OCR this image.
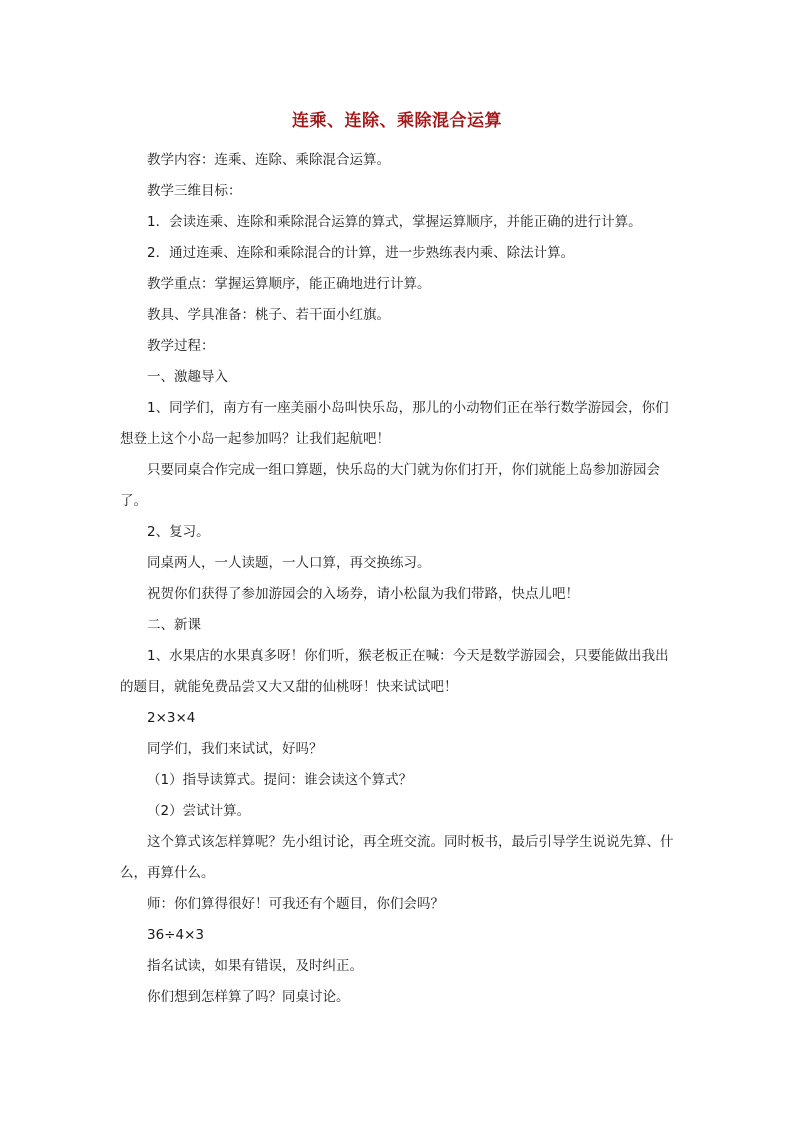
连乘、连除、乘除混合运算

教学内容：连乘、连除、乘除混合运算。

教学三维目标：

1．会读连乘、连除和乘除混合运算的算式，掌握运算顺序，并能正确的进行计算。

2．通过连乘、连除和乘除混合的计算，进一步熟练表内乘、除法计算。

教学重点：掌握运算顺序，能正确地进行计算。

教具、学具准备：桃子、若干面小红旗。

教学过程：

一、激趣导入

1、同学们，南方有一座美丽小岛叫快乐岛，那儿的小动物们正在举行数学游园会，你们想登上这个小岛一起参加吗？让我们起航吧！

只要同桌合作完成一组口算题，快乐岛的大门就为你们打开，你们就能上岛参加游园会了。

2、复习。

同桌两人，一人读题，一人口算，再交换练习。

祝贺你们获得了参加游园会的入场券，请小松鼠为我们带路，快点儿吧！

二、新课

1、水果店的水果真多呀！你们听，猴老板正在喊：今天是数学游园会，只要能做出我出的题目，就能免费品尝又大又甜的仙桃呀！快来试试吧！

2×3×4

同学们，我们来试试，好吗？

（1）指导读算式。提问：谁会读这个算式？

（2）尝试计算。

这个算式该怎样算呢？先小组讨论，再全班交流。同时板书，最后引导学生说说先算、什么，再算什么。

师：你们算得很好！可我还有个题目，你们会吗？

36÷4×3

指名试读，如果有错误，及时纠正。

你们想到怎样算了吗？同桌讨论。
